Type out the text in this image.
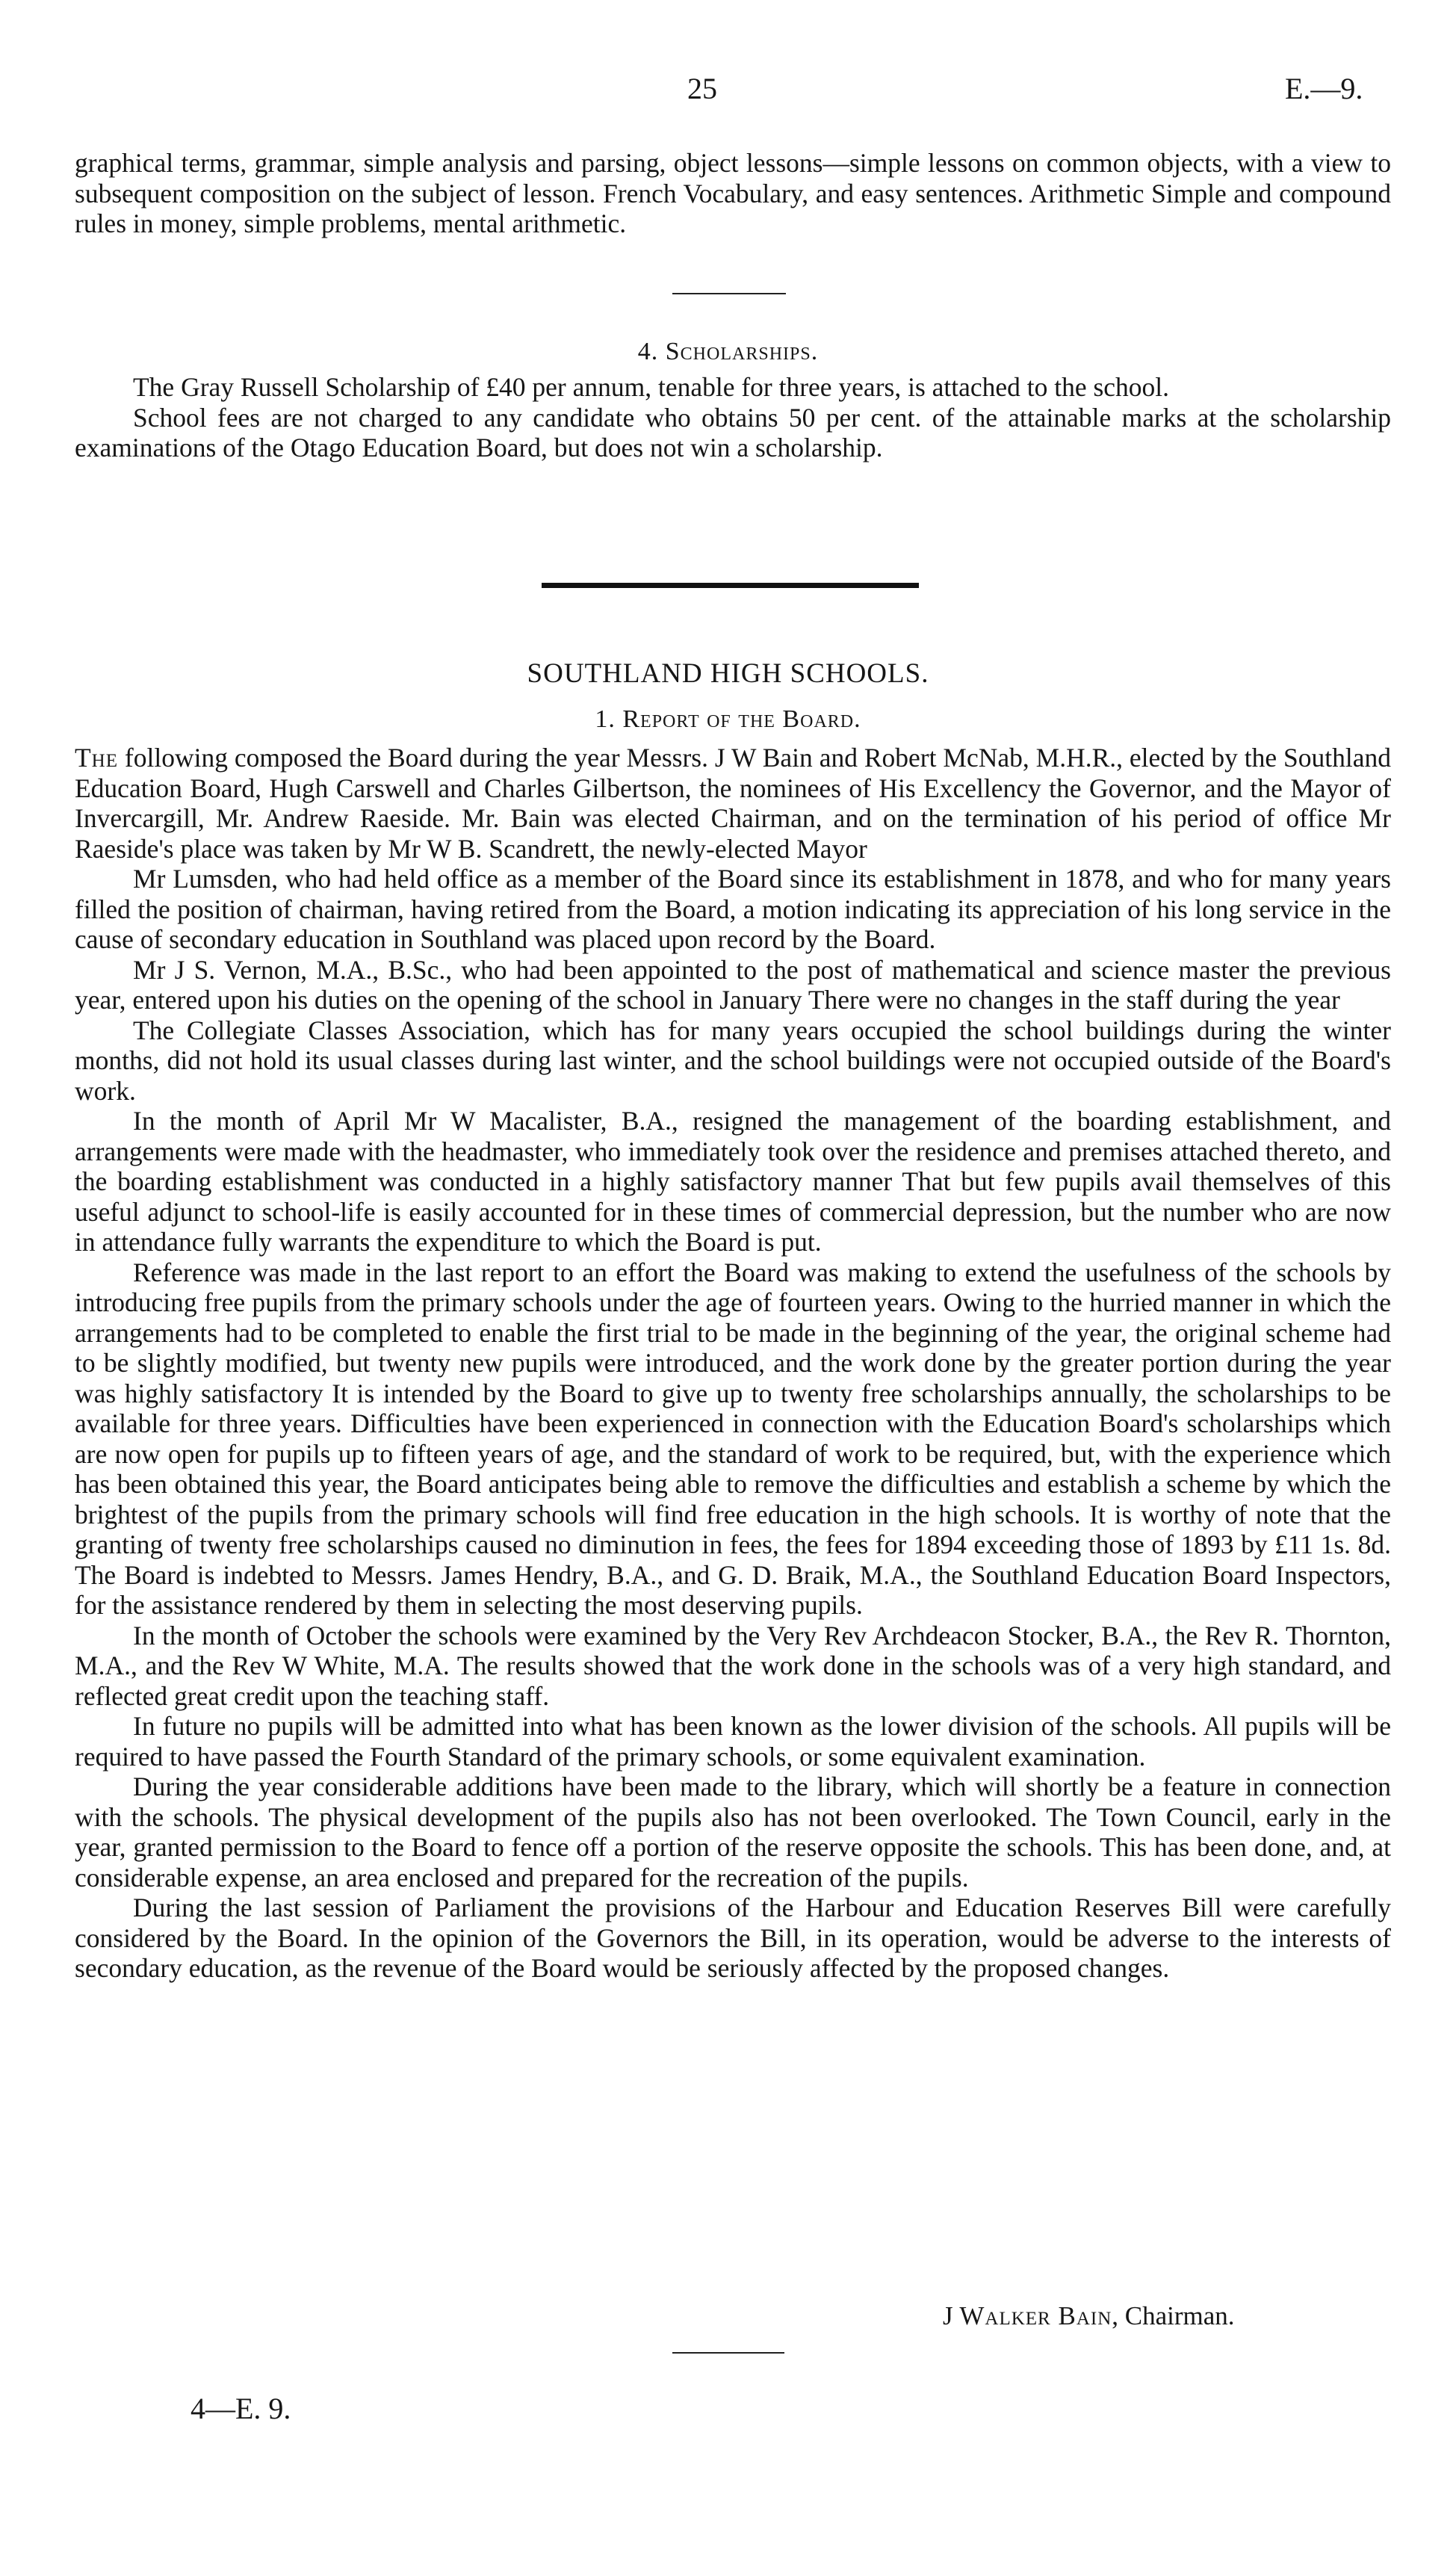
25	E.—9.

graphical terms, grammar, simple analysis and parsing, object lessons—simple lessons on common objects, with a view to subsequent composition on the subject of lesson. French Vocabulary, and easy sentences. Arithmetic Simple and compound rules in money, simple problems, mental arithmetic.

4. Scholarships.

The Gray Russell Scholarship of £40 per annum, tenable for three years, is attached to the school.

School fees are not charged to any candidate who obtains 50 per cent. of the attainable marks at the scholarship examinations of the Otago Education Board, but does not win a scholarship.

SOUTHLAND HIGH SCHOOLS.
1. Report of the Board.

The following composed the Board during the year Messrs. J W Bain and Robert McNab, M.H.R., elected by the Southland Education Board, Hugh Carswell and Charles Gilbertson, the nominees of His Excellency the Governor, and the Mayor of Invercargill, Mr. Andrew Raeside. Mr. Bain was elected Chairman, and on the termination of his period of office Mr Raeside's place was taken by Mr W B. Scandrett, the newly-elected Mayor

Mr Lumsden, who had held office as a member of the Board since its establishment in 1878, and who for many years filled the position of chairman, having retired from the Board, a motion indicating its appreciation of his long service in the cause of secondary education in Southland was placed upon record by the Board.

Mr J S. Vernon, M.A., B.Sc., who had been appointed to the post of mathematical and science master the previous year, entered upon his duties on the opening of the school in January There were no changes in the staff during the year

The Collegiate Classes Association, which has for many years occupied the school buildings during the winter months, did not hold its usual classes during last winter, and the school buildings were not occupied outside of the Board's work.

In the month of April Mr W Macalister, B.A., resigned the management of the boarding establishment, and arrangements were made with the headmaster, who immediately took over the residence and premises attached thereto, and the boarding establishment was conducted in a highly satisfactory manner That but few pupils avail themselves of this useful adjunct to school-life is easily accounted for in these times of commercial depression, but the number who are now in attendance fully warrants the expenditure to which the Board is put.

Reference was made in the last report to an effort the Board was making to extend the usefulness of the schools by introducing free pupils from the primary schools under the age of fourteen years. Owing to the hurried manner in which the arrangements had to be completed to enable the first trial to be made in the beginning of the year, the original scheme had to be slightly modified, but twenty new pupils were introduced, and the work done by the greater portion during the year was highly satisfactory It is intended by the Board to give up to twenty free scholarships annually, the scholarships to be available for three years. Difficulties have been experienced in connection with the Education Board's scholarships which are now open for pupils up to fifteen years of age, and the standard of work to be required, but, with the experience which has been obtained this year, the Board anticipates being able to remove the difficulties and establish a scheme by which the brightest of the pupils from the primary schools will find free education in the high schools. It is worthy of note that the granting of twenty free scholarships caused no diminution in fees, the fees for 1894 exceeding those of 1893 by £11 1s. 8d. The Board is indebted to Messrs. James Hendry, B.A., and G. D. Braik, M.A., the Southland Education Board Inspectors, for the assistance rendered by them in selecting the most deserving pupils.

In the month of October the schools were examined by the Very Rev Archdeacon Stocker, B.A., the Rev R. Thornton, M.A., and the Rev W White, M.A. The results showed that the work done in the schools was of a very high standard, and reflected great credit upon the teaching staff.

In future no pupils will be admitted into what has been known as the lower division of the schools. All pupils will be required to have passed the Fourth Standard of the primary schools, or some equivalent examination.

During the year considerable additions have been made to the library, which will shortly be a feature in connection with the schools. The physical development of the pupils also has not been overlooked. The Town Council, early in the year, granted permission to the Board to fence off a portion of the reserve opposite the schools. This has been done, and, at considerable expense, an area enclosed and prepared for the recreation of the pupils.

During the last session of Parliament the provisions of the Harbour and Education Reserves Bill were carefully considered by the Board. In the opinion of the Governors the Bill, in its operation, would be adverse to the interests of secondary education, as the revenue of the Board would be seriously affected by the proposed changes.

J Walker Bain, Chairman.
4—E. 9.
